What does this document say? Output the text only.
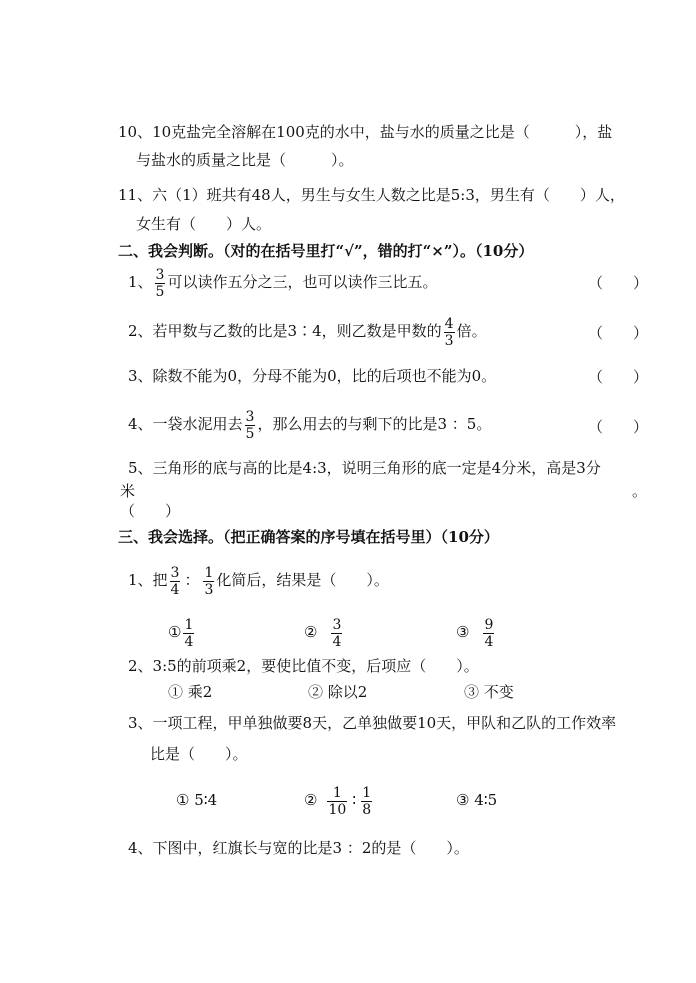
10、10克盐完全溶解在100克的水中，盐与水的质量之比是（　　　），盐
与盐水的质量之比是（　　　）。
11、六（1）班共有48人，男生与女生人数之比是5:3，男生有（　　）人，
女生有（　　）人。
二、我会判断。（对的在括号里打“√”，错的打“×”）。（10分）
1、 $\frac{3}{5}$ 可以读作五分之三，也可以读作三比五。	（　　）
2、若甲数与乙数的比是3∶4，则乙数是甲数的 $\frac{4}{3}$ 倍。	（　　）
3、除数不能为0，分母不能为0，比的后项也不能为0。	（　　）
4、一袋水泥用去 $\frac{3}{5}$ ，那么用去的与剩下的比是3 ：5。	（　　）
5、三角形的底与高的比是4:3，说明三角形的底一定是4分米，高是3分
米	。
（　　）
三、我会选择。（把正确答案的序号填在括号里）（10分）
1、把 $\frac{3}{4}$ ： $\frac{1}{3}$ 化简后，结果是（　　）。
① $\frac{1}{4}$	② $\frac{3}{4}$	③ $\frac{9}{4}$
2、3:5的前项乘2，要使比值不变，后项应（　　）。
① 乘2	② 除以2	③ 不变
3、一项工程，甲单独做要8天，乙单独做要10天，甲队和乙队的工作效率
比是（　　）。
① 5∶4	② $\frac{1}{10}$ ∶ $\frac{1}{8}$	③ 4∶5
4、下图中，红旗长与宽的比是3 ：2的是（　　）。
